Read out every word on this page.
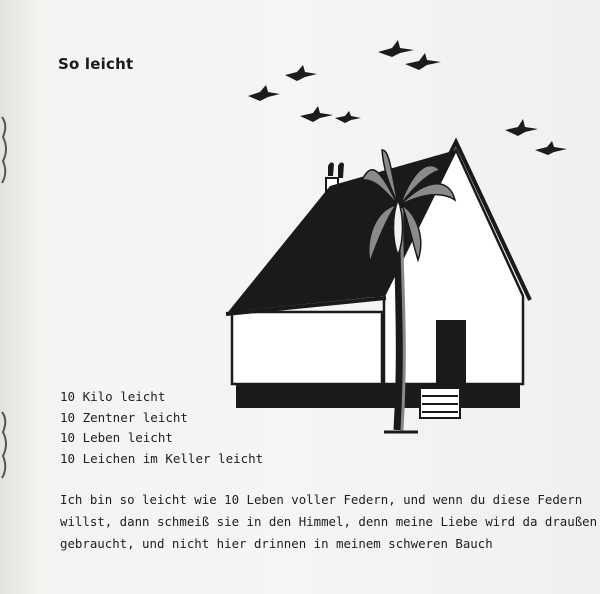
So leicht
10 Kilo leicht
10 Zentner leicht
10 Leben leicht
10 Leichen im Keller leicht
Ich bin so leicht wie 10 Leben voller Federn, und wenn du diese Federn
willst, dann schmeiß sie in den Himmel, denn meine Liebe wird da draußen
gebraucht, und nicht hier drinnen in meinem schweren Bauch
